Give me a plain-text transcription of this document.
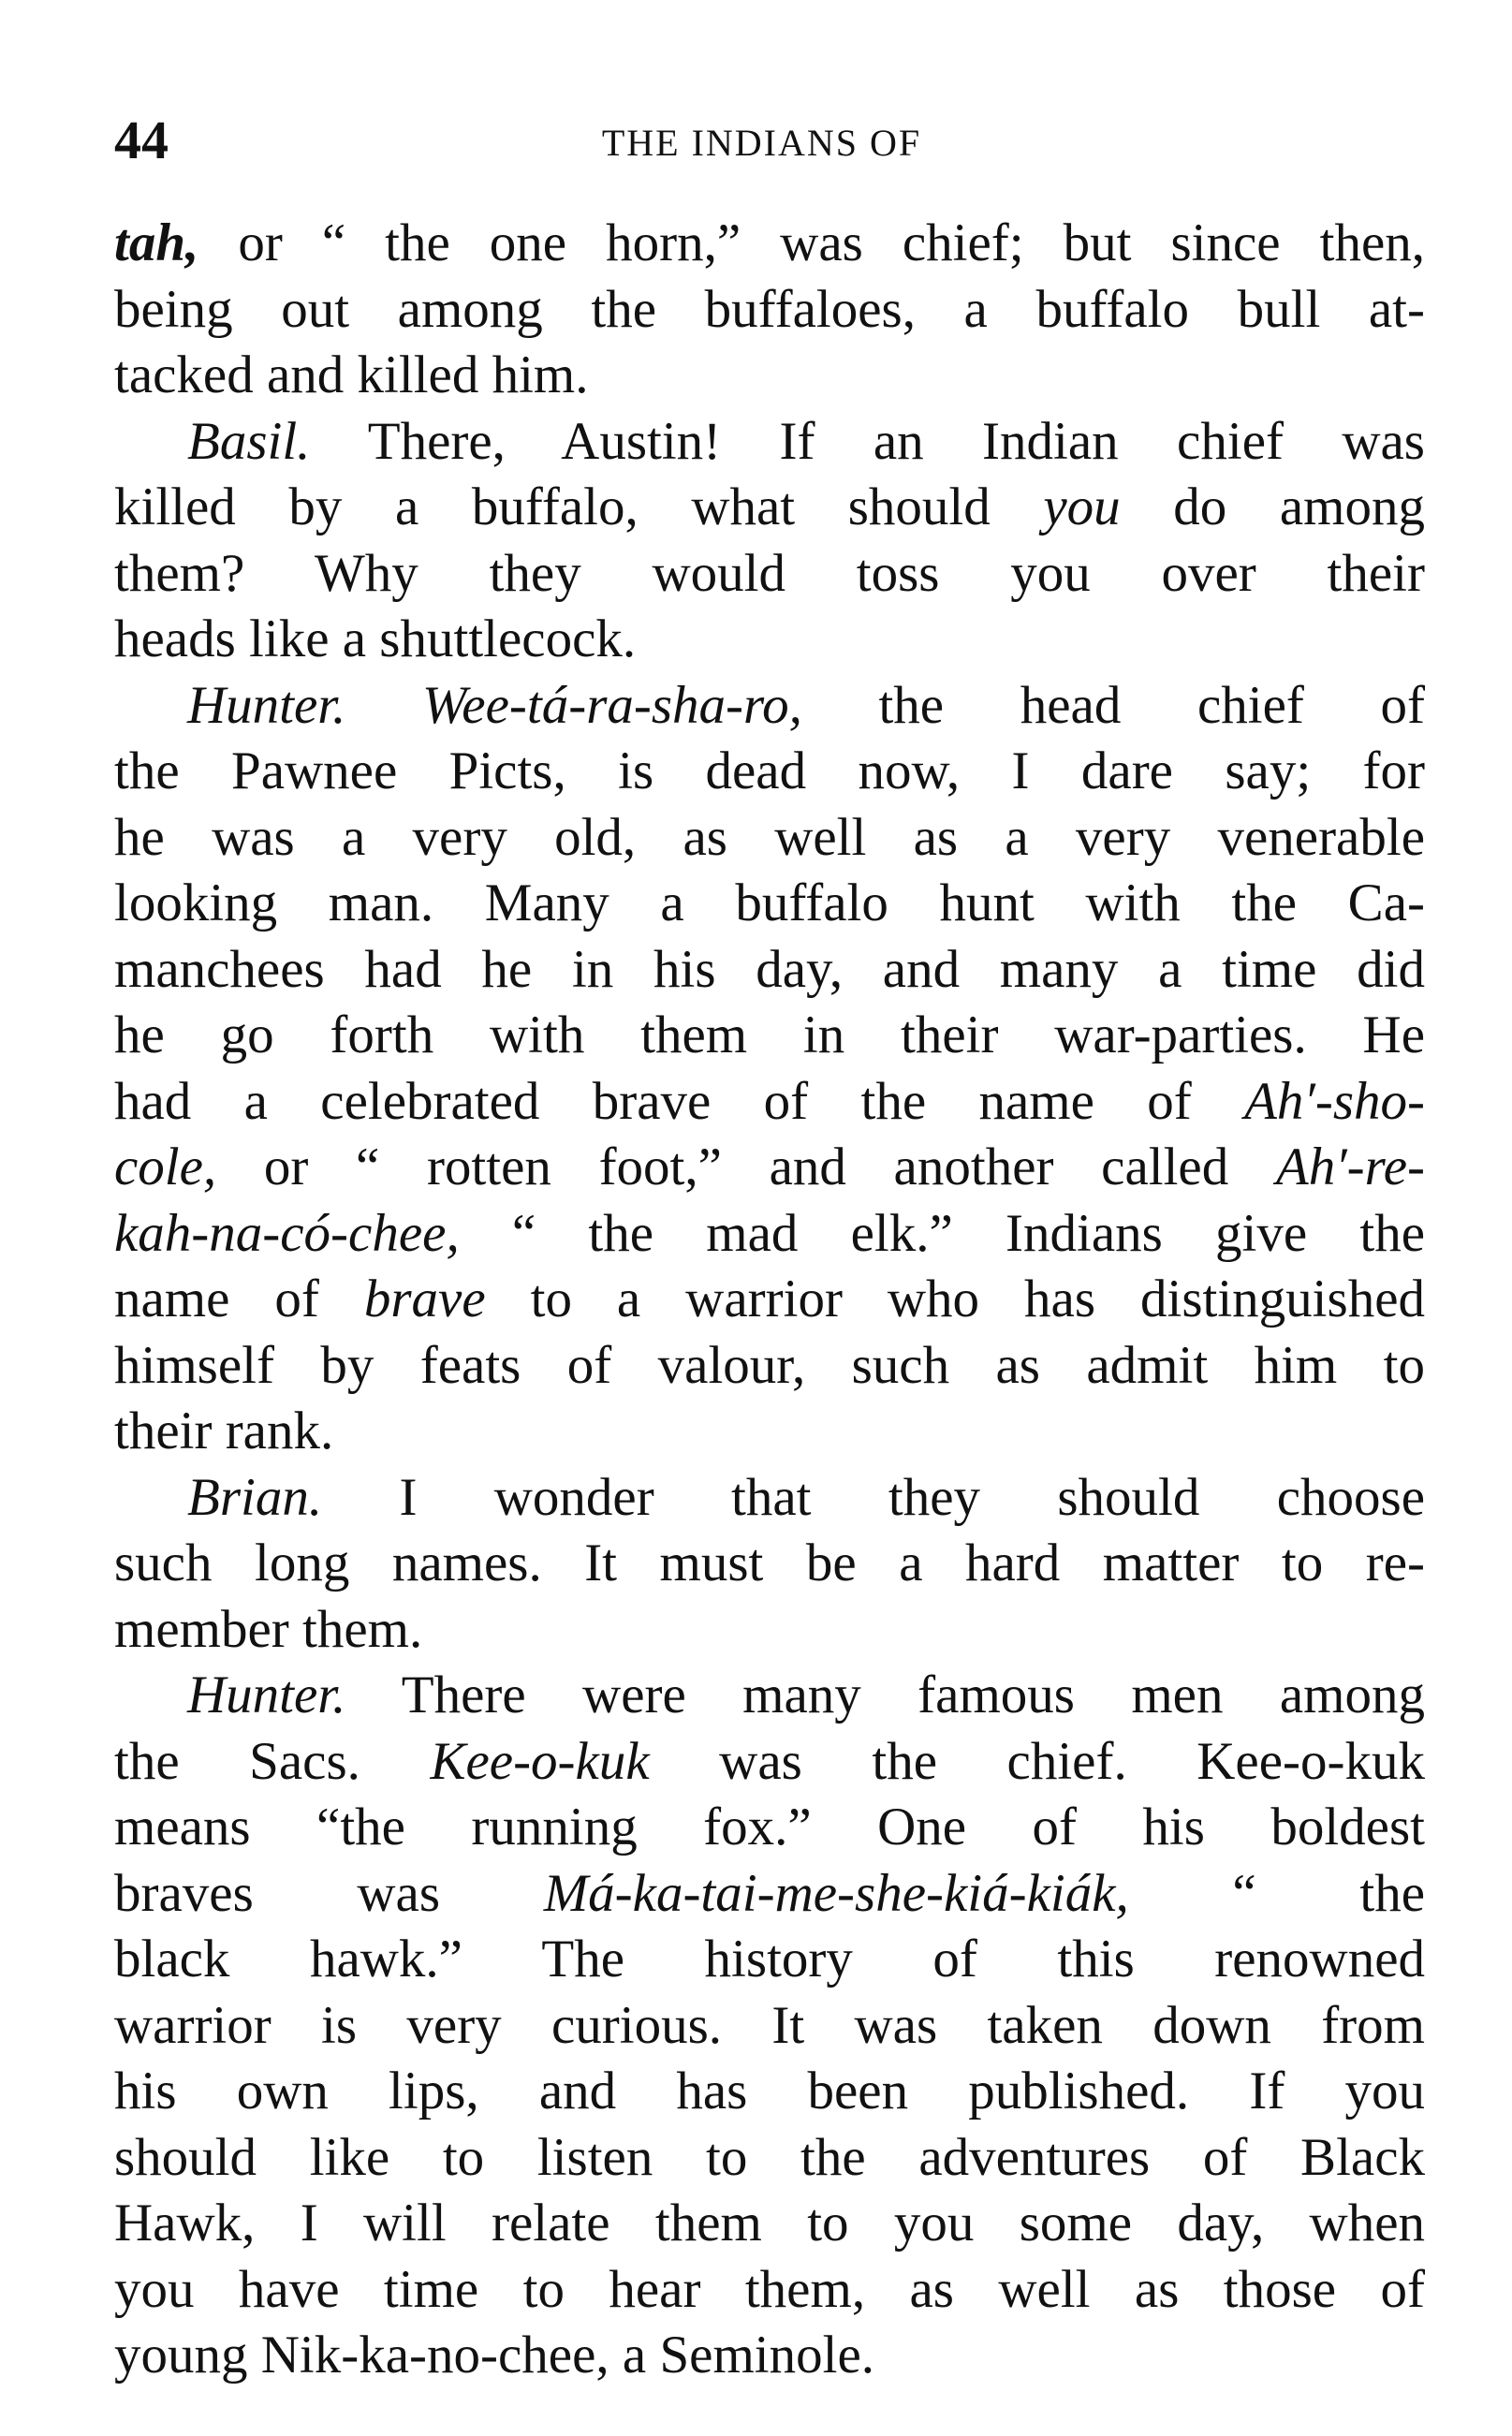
44	THE INDIANS OF
tah, or “ the one horn,” was chief; but since then,
being out among the buffaloes, a buffalo bull at-
tacked and killed him.
Basil. There, Austin! If an Indian chief was
killed by a buffalo, what should you do among
them? Why they would toss you over their
heads like a shuttlecock.
Hunter. Wee-tá-ra-sha-ro, the head chief of
the Pawnee Picts, is dead now, I dare say; for
he was a very old, as well as a very venerable
looking man. Many a buffalo hunt with the Ca-
manchees had he in his day, and many a time did
he go forth with them in their war-parties. He
had a celebrated brave of the name of Ah′-sho-
cole, or “ rotten foot,” and another called Ah′-re-
kah-na-có-chee, “ the mad elk.” Indians give the
name of brave to a warrior who has distinguished
himself by feats of valour, such as admit him to
their rank.
Brian. I wonder that they should choose
such long names. It must be a hard matter to re-
member them.
Hunter. There were many famous men among
the Sacs. Kee-o-kuk was the chief. Kee-o-kuk
means “the running fox.” One of his boldest
braves was Má-ka-tai-me-she-kiá-kiák, “ the
black hawk.” The history of this renowned
warrior is very curious. It was taken down from
his own lips, and has been published. If you
should like to listen to the adventures of Black
Hawk, I will relate them to you some day, when
you have time to hear them, as well as those of
young Nik-ka-no-chee, a Seminole.
